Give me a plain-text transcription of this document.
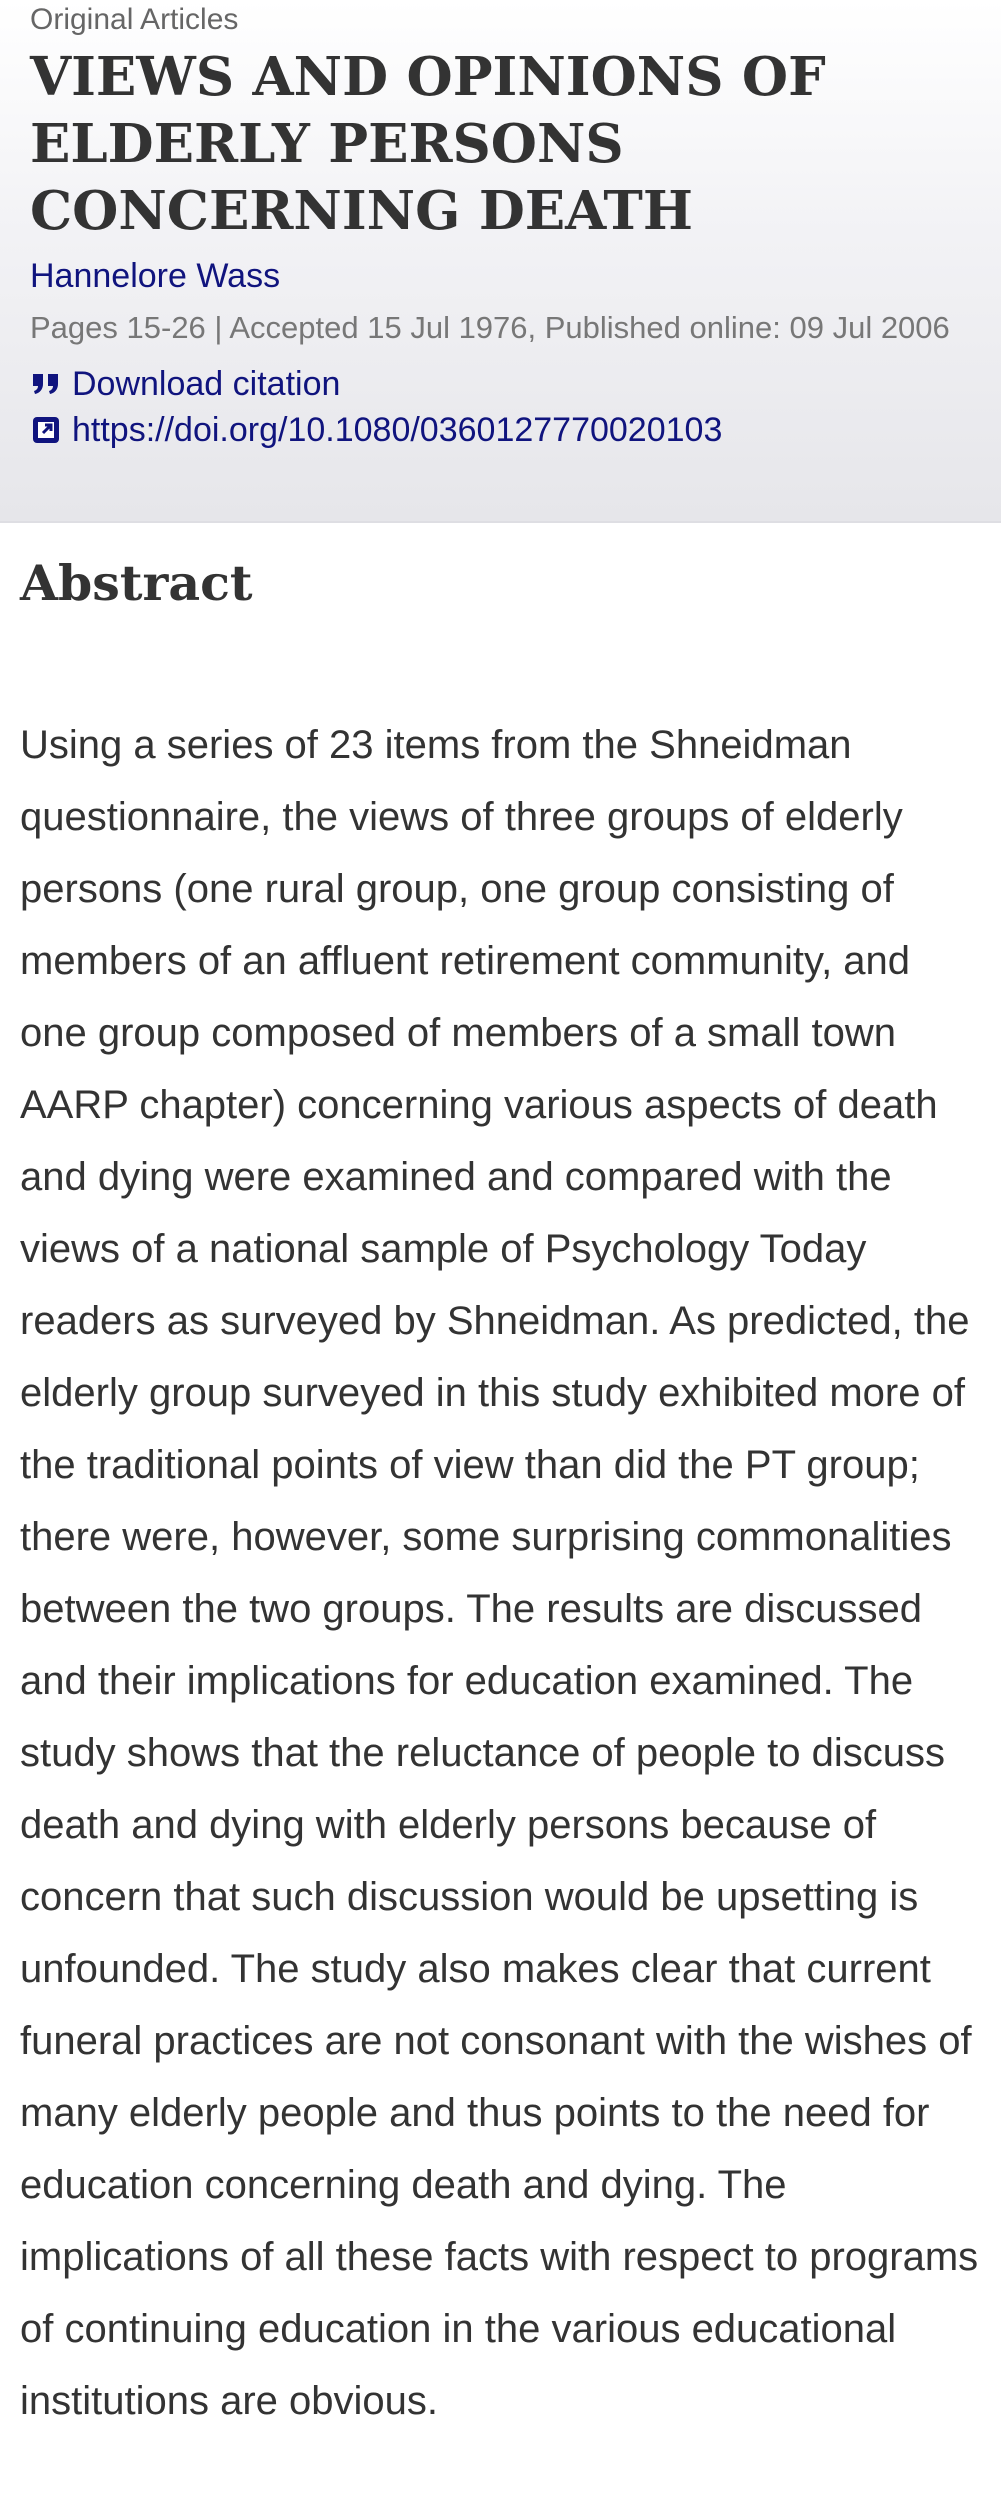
Original Articles
VIEWS AND OPINIONS OF ELDERLY PERSONS CONCERNING DEATH
Hannelore Wass
Pages 15-26 | Accepted 15 Jul 1976, Published online: 09 Jul 2006
Download citation
https://doi.org/10.1080/0360127770020103
Abstract

Using a series of 23 items from the Shneidman questionnaire, the views of three groups of elderly persons (one rural group, one group consisting of members of an affluent retirement community, and one group composed of members of a small town AARP chapter) concerning various aspects of death and dying were examined and compared with the views of a national sample of Psychology Today readers as surveyed by Shneidman. As predicted, the elderly group surveyed in this study exhibited more of the traditional points of view than did the PT group; there were, however, some surprising commonalities between the two groups. The results are discussed and their implications for education examined. The study shows that the reluctance of people to discuss death and dying with elderly persons because of concern that such discussion would be upsetting is unfounded. The study also makes clear that current funeral practices are not consonant with the wishes of many elderly people and thus points to the need for education concerning death and dying. The implications of all these facts with respect to programs of continuing education in the various educational institutions are obvious.
